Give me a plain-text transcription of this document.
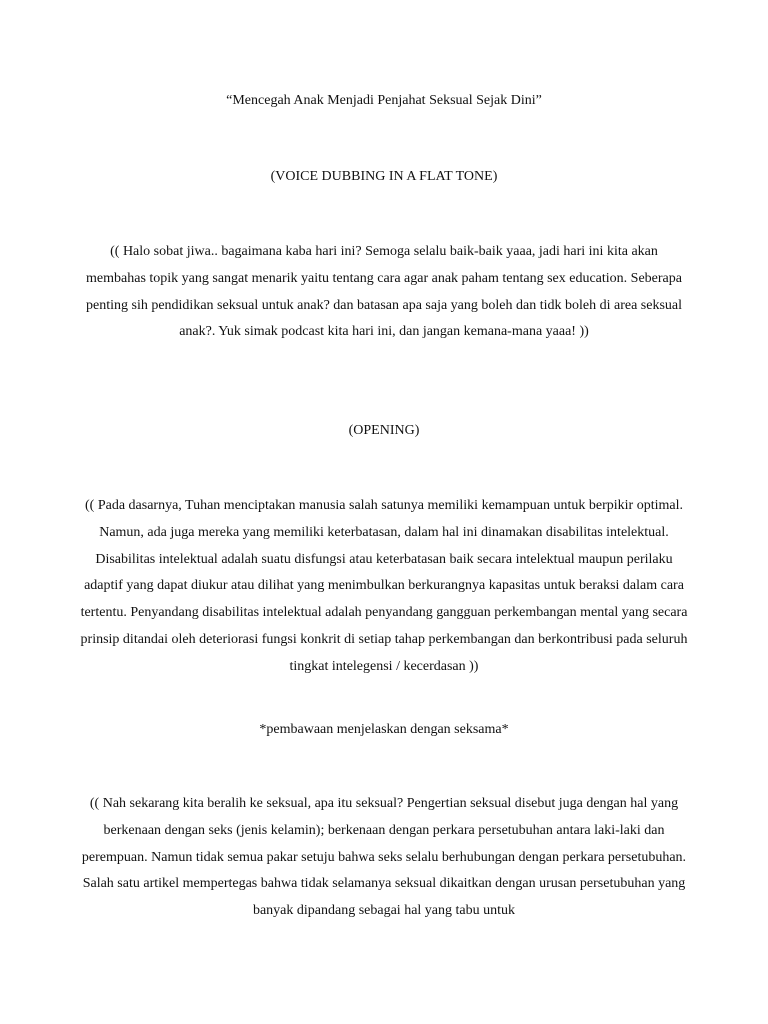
“Mencegah Anak Menjadi Penjahat Seksual Sejak Dini”

(VOICE DUBBING IN A FLAT TONE)

(( Halo sobat jiwa.. bagaimana kaba hari ini? Semoga selalu baik-baik yaaa, jadi hari ini kita akan membahas topik yang sangat menarik yaitu tentang cara agar anak paham tentang sex education. Seberapa penting sih pendidikan seksual untuk anak? dan batasan apa saja yang boleh dan tidk boleh di area seksual anak?. Yuk simak podcast kita hari ini, dan jangan kemana-mana yaaa! ))

(OPENING)

(( Pada dasarnya, Tuhan menciptakan manusia salah satunya memiliki kemampuan untuk berpikir optimal. Namun, ada juga mereka yang memiliki keterbatasan, dalam hal ini dinamakan disabilitas intelektual. Disabilitas intelektual adalah suatu disfungsi atau keterbatasan baik secara intelektual maupun perilaku adaptif yang dapat diukur atau dilihat yang menimbulkan berkurangnya kapasitas untuk beraksi dalam cara tertentu. Penyandang disabilitas intelektual adalah penyandang gangguan perkembangan mental yang secara prinsip ditandai oleh deteriorasi fungsi konkrit di setiap tahap perkembangan dan berkontribusi pada seluruh tingkat intelegensi / kecerdasan ))

*pembawaan menjelaskan dengan seksama*

(( Nah sekarang kita beralih ke seksual, apa itu seksual? Pengertian seksual disebut juga dengan hal yang berkenaan dengan seks (jenis kelamin); berkenaan dengan perkara persetubuhan antara laki-laki dan perempuan. Namun tidak semua pakar setuju bahwa seks selalu berhubungan dengan perkara persetubuhan. Salah satu artikel mempertegas bahwa tidak selamanya seksual dikaitkan dengan urusan persetubuhan yang banyak dipandang sebagai hal yang tabu untuk
